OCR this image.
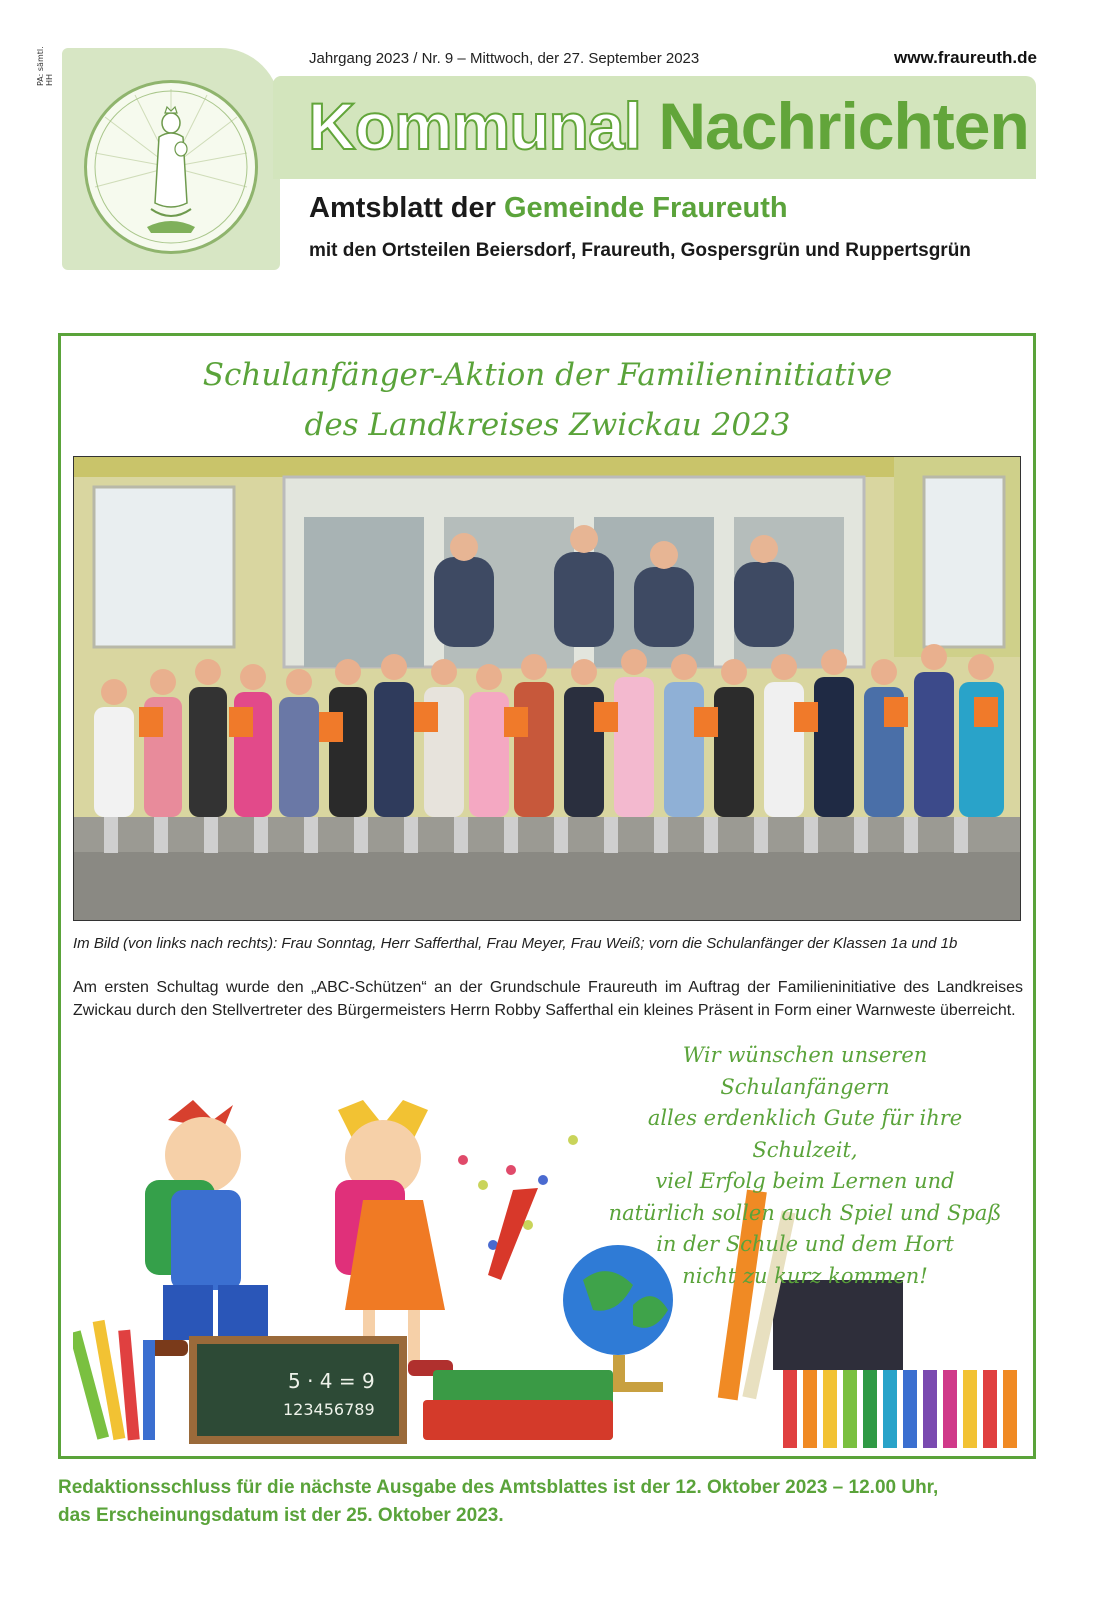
PA: sämtl. HH
Jahrgang 2023 / Nr. 9 – Mittwoch, der 27. September 2023	www.fraureuth.de
Kommunal Nachrichten
Amtsblatt der Gemeinde Fraureuth
mit den Ortsteilen Beiersdorf, Fraureuth, Gospersgrün und Ruppertsgrün
Schulanfänger-Aktion der Familieninitiative
des Landkreises Zwickau 2023
Im Bild (von links nach rechts): Frau Sonntag, Herr Safferthal, Frau Meyer, Frau Weiß; vorn die Schulanfänger der Klassen 1a und 1b
Am ersten Schultag wurde den „ABC-Schützen“ an der Grundschule Fraureuth im Auftrag der Familieninitiative des Landkreises Zwickau durch den Stellvertreter des Bürgermeisters Herrn Robby Safferthal ein kleines Präsent in Form einer Warnweste überreicht.
5 · 4 = 9
123456789
Wir wünschen unseren Schulanfängern
alles erdenklich Gute für ihre Schulzeit,
viel Erfolg beim Lernen und
natürlich sollen auch Spiel und Spaß
in der Schule und dem Hort
nicht zu kurz kommen!
Redaktionsschluss für die nächste Ausgabe des Amtsblattes ist der 12. Oktober 2023 – 12.00 Uhr,
das Erscheinungsdatum ist der 25. Oktober 2023.
